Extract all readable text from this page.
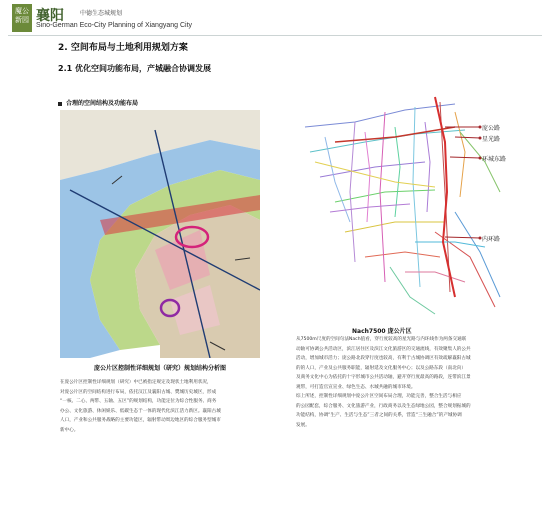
魔公新园 襄阳	中德生态城规划
Sino-German Eco-City Planning of Xiangyang City
2. 空间布局与土地利用规划方案
2.1 优化空间功能布局，产城融合协调发展
合理的空间结构及功能布局
庞公片区控制性详细规划（研究）规划结构分析图
庞公路
星光路
环城东路
内环路
Nach7500 庞公片区

在庞公片区控制性详细规划（研究）中已被指定规定及现状土地利用状况，

对庞公片区的空间结构进行布局，依托汉江及襄阳古城、樊城历史城区，形成

“一核、二心、两带、五轴、五区”的规划结构，功能定位为综合性服务、商务

办公、文化旅游、休闲娱乐、低碳生态于一体的现代化滨江活力新区。襄阳古城

人口，产业和公共服务战略的主要功能区，辐射带动周边地区的综合服务型城市

新中心。

从7500m尺度的空间句法Nach值看，穿行度较高的星光路与内环线作为两条交通联

动轴可协调公共活动区，滨江居住区及滨江文化旅游区的交通流线，有效聚集人的公共

活动，增加城市活力；庞公路北段穿行度也较高，有利于古城协调区有效疏解襄阳古城

的的人口，产业及公共服务职能，辐射延及文化服务中心；以及公路东段（南北向）

及商务文化中心为依托的十字形城市公共活动轴，避开穿行度最高的路段，连带滨江景

观带，可打造官宣宣业、绿色生态、水城共融的城市环境。

综上所述，控制性详细规划中庞公片区空间布局合理，功能完善，整合生活与相应

的公园配套，综合服务、文化旅游产业，行政商务以及生态绿地公园，整合规划振城的

功能结构，协调“生产、生活与生态”三者之间的关系，营造“三生融合”的产城协调

发展。
